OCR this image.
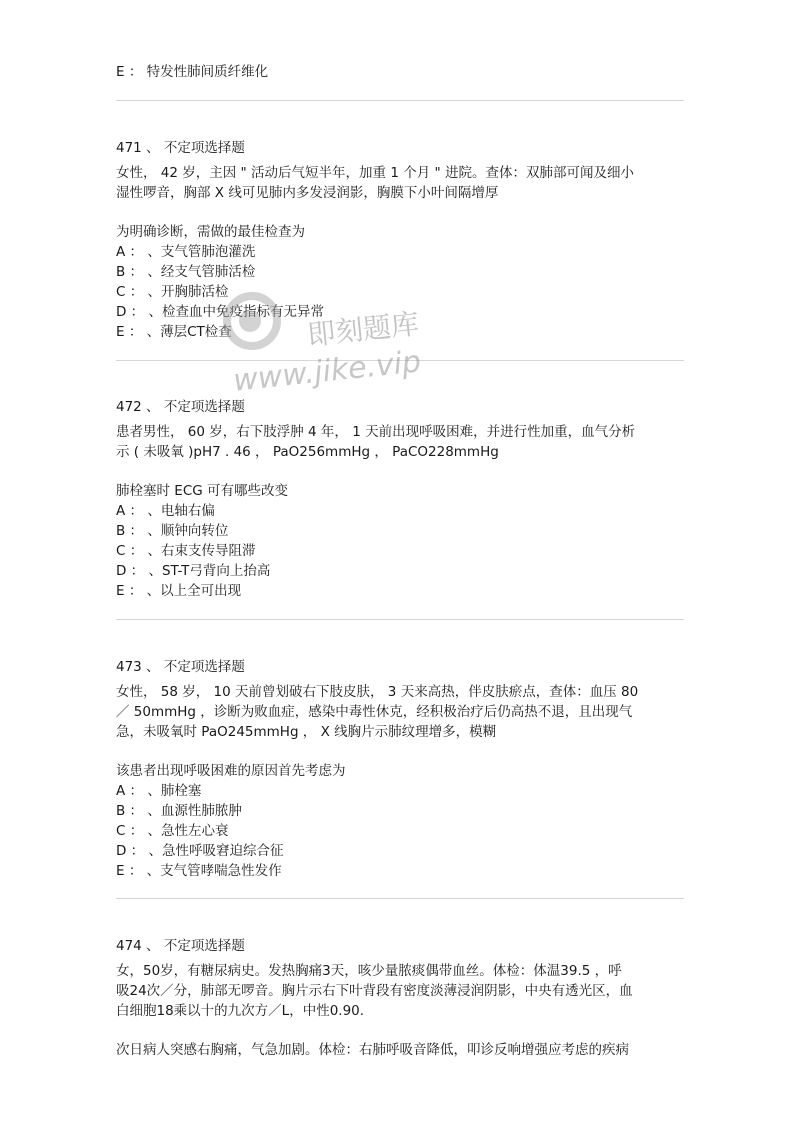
E ： 特发性肺间质纤维化
471 、 不定项选择题
女性， 42 岁，主因 " 活动后气短半年，加重 1 个月 " 进院。查体：双肺部可闻及细小
湿性啰音，胸部 X 线可见肺内多发浸润影，胸膜下小叶间隔增厚
为明确诊断，需做的最佳检查为
A ： 、支气管肺泡灌洗
B ： 、经支气管肺活检
C ： 、开胸肺活检
D ： 、检查血中免疫指标有无异常
E ： 、薄层CT检查
472 、 不定项选择题
患者男性， 60 岁，右下肢浮肿 4 年， 1 天前出现呼吸困难，并进行性加重，血气分析
示 ( 未吸氧 )pH7 . 46 ， PaO256mmHg ， PaCO228mmHg
肺栓塞时 ECG 可有哪些改变
A ： 、电轴右偏
B ： 、顺钟向转位
C ： 、右束支传导阻滞
D ： 、ST-T弓背向上抬高
E ： 、以上全可出现
473 、 不定项选择题
女性， 58 岁， 10 天前曾划破右下肢皮肤， 3 天来高热，伴皮肤瘀点，查体：血压 80
／ 50mmHg ，诊断为败血症，感染中毒性休克，经积极治疗后仍高热不退，且出现气
急，未吸氧时 PaO245mmHg ， X 线胸片示肺纹理增多，模糊
该患者出现呼吸困难的原因首先考虑为
A ： 、肺栓塞
B ： 、血源性肺脓肿
C ： 、急性左心衰
D ： 、急性呼吸窘迫综合征
E ： 、支气管哮喘急性发作
474 、 不定项选择题
女，50岁，有糖尿病史。发热胸痛3天，咳少量脓痰偶带血丝。体检：体温39.5 ，呼
吸24次／分，肺部无啰音。胸片示右下叶背段有密度淡薄浸润阴影，中央有透光区，血
白细胞18乘以十的九次方／L，中性0.90.
次日病人突感右胸痛，气急加剧。体检：右肺呼吸音降低，叩诊反响增强应考虑的疾病
即刻题库
www.jike.vip
